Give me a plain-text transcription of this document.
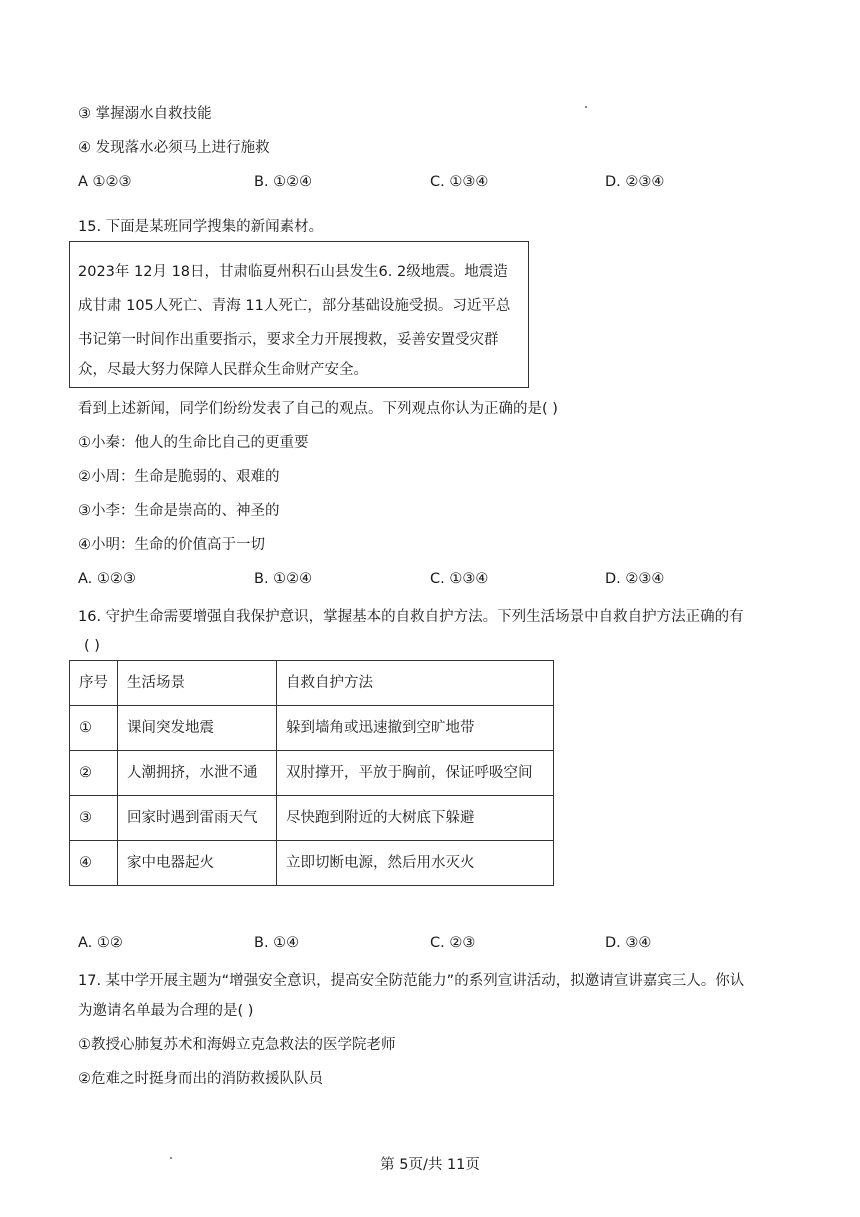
③ 掌握溺水自救技能
④ 发现落水必须马上进行施救
A ①②③	B. ①②④	C. ①③④	D. ②③④
15. 下面是某班同学搜集的新闻素材。

2023年 12月 18日，甘肃临夏州积石山县发生6. 2级地震。地震造

成甘肃 105人死亡、青海 11人死亡，部分基础设施受损。习近平总

书记第一时间作出重要指示，要求全力开展搜救，妥善安置受灾群

众，尽最大努力保障人民群众生命财产安全。

看到上述新闻，同学们纷纷发表了自己的观点。下列观点你认为正确的是( )
①小秦：他人的生命比自己的更重要
②小周：生命是脆弱的、艰难的
③小李：生命是崇高的、神圣的
④小明：生命的价值高于一切
A. ①②③	B. ①②④	C. ①③④	D. ②③④
16. 守护生命需要增强自我保护意识，掌握基本的自救自护方法。下列生活场景中自救自护方法正确的有
( )
序号	生活场景	自救自护方法
①	课间突发地震	躲到墙角或迅速撤到空旷地带
②	人潮拥挤，水泄不通	双肘撑开，平放于胸前，保证呼吸空间
③	回家时遇到雷雨天气	尽快跑到附近的大树底下躲避
④	家中电器起火	立即切断电源，然后用水灭火
A. ①②	B. ①④	C. ②③	D. ③④
17. 某中学开展主题为“增强安全意识，提高安全防范能力”的系列宣讲活动，拟邀请宣讲嘉宾三人。你认
为邀请名单最为合理的是( )
①教授心肺复苏术和海姆立克急救法的医学院老师
②危难之时挺身而出的消防救援队队员
第 5页/共 11页
